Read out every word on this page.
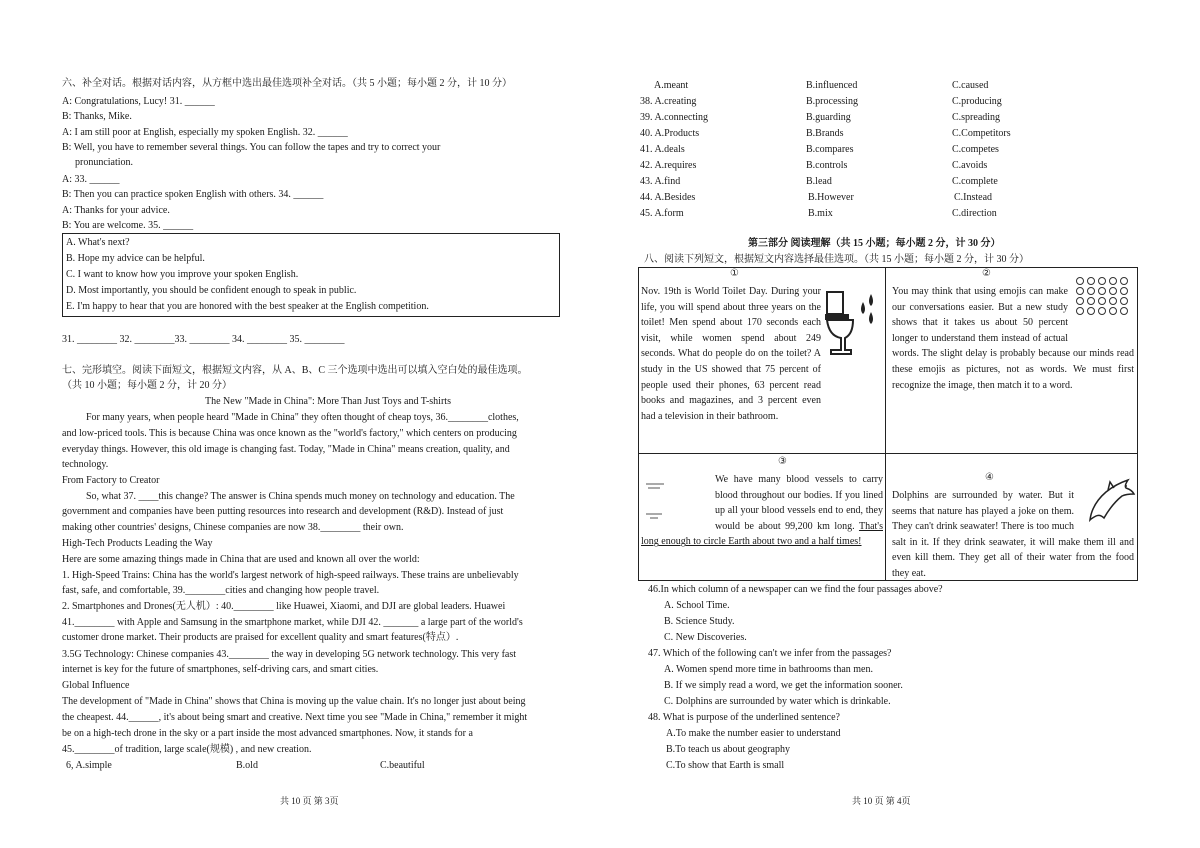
六、补全对话。根据对话内容，从方框中选出最佳选项补全对话。（共 5 小题；每小题 2 分，计 10 分）
A: Congratulations, Lucy! 31. ______
B: Thanks, Mike.
A: I am still poor at English, especially my spoken English. 32. ______
B: Well, you have to remember several things. You can follow the tapes and try to correct your
pronunciation.
A: 33. ______
B: Then you can practice spoken English with others. 34. ______
A: Thanks for your advice.
B: You are welcome. 35. ______
A. What's next?
B. Hope my advice can be helpful.
C. I want to know how you improve your spoken English.
D. Most importantly, you should be confident enough to speak in public.
E. I'm happy to hear that you are honored with the best speaker at the English competition.
31. ________ 32. ________33. ________ 34. ________ 35. ________
七、完形填空。阅读下面短文，根据短文内容，从 A、B、C 三个选项中选出可以填入空白处的最佳选项。
（共 10 小题；每小题 2 分，计 20 分）
The New "Made in China": More Than Just Toys and T-shirts
For many years, when people heard "Made in China" they often thought of cheap toys, 36.________clothes,
and low-priced tools. This is because China was once known as the "world's factory," which centers on producing
everyday things. However, this old image is changing fast. Today, "Made in China" means creation, quality, and
technology.
From Factory to Creator
So, what 37. ____this change? The answer is China spends much money on technology and education. The
government and companies have been putting resources into research and development (R&D). Instead of just
making other countries' designs, Chinese companies are now 38.________ their own.
High-Tech Products Leading the Way
Here are some amazing things made in China that are used and known all over the world:
1. High-Speed Trains: China has the world's largest network of high-speed railways. These trains are unbelievably
fast, safe, and comfortable, 39.________cities and changing how people travel.
2. Smartphones and Drones(无人机）: 40.________ like Huawei, Xiaomi, and DJI are global leaders. Huawei
41.________ with Apple and Samsung in the smartphone market, while DJI 42. _______ a large part of the world's
customer drone market. Their products are praised for excellent quality and smart features(特点）.
3.5G Technology: Chinese companies 43.________ the way in developing 5G network technology. This very fast
internet is key for the future of smartphones, self-driving cars, and smart cities.
Global Influence
The development of "Made in China" shows that China is moving up the value chain. It's no longer just about being
the cheapest. 44.______, it's about being smart and creative. Next time you see "Made in China," remember it might
be on a high-tech drone in the sky or a part inside the most advanced smartphones. Now, it stands for a
45.________of tradition, large scale(规模) , and new creation.
6, A.simple	B.old	C.beautiful
共 10 页 第 3页
A.meant	B.influenced	C.caused
38. A.creating	B.processing	C.producing
39. A.connecting	B.guarding	C.spreading
40. A.Products	B.Brands	C.Competitors
41. A.deals	B.compares	C.competes
42. A.requires	B.controls	C.avoids
43. A.find	B.lead	C.complete
44. A.Besides	B.However	C.Instead
45. A.form	B.mix	C.direction
第三部分 阅读理解（共 15 小题；每小题 2 分，计 30 分）
八、阅读下列短文，根据短文内容选择最佳选项。（共 15 小题；每小题 2 分，计 30 分）
①
Nov. 19th is World Toilet Day. During your life, you will spend about three years on the toilet! Men spend about 170 seconds each visit, while women spend about 249 seconds. What do people do on the toilet? A study in the US showed that 75 percent of people used their phones, 63 percent read books and magazines, and 3 percent even had a television in their bathroom.
②
You may think that using emojis can make our conversations easier. But a new study shows that it takes us about 50 percent longer to understand them instead of actual words. The slight delay is probably because our minds read these emojis as pictures, not as words. We must first recognize the image, then match it to a word.
③
We have many blood vessels to carry blood throughout our bodies. If you lined up all your blood vessels end to end, they would be about 99,200 km long. That's long enough to circle Earth about two and a half times!
④
Dolphins are surrounded by water. But it seems that nature has played a joke on them. They can't drink seawater! There is too much salt in it. If they drink seawater, it will make them ill and even kill them. They get all of their water from the food they eat.
46.In which column of a newspaper can we find the four passages above?
A. School Time.
B. Science Study.
C. New Discoveries.
47. Which of the following can't we infer from the passages?
A. Women spend more time in bathrooms than men.
B. If we simply read a word, we get the information sooner.
C. Dolphins are surrounded by water which is drinkable.
48. What is purpose of the underlined sentence?
A.To make the number easier to understand
B.To teach us about geography
C.To show that Earth is small
共 10 页 第 4页
